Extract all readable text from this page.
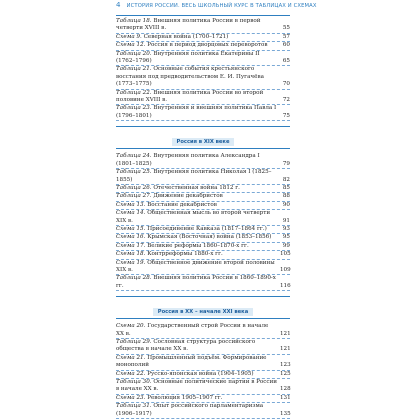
4 ИСТОРИЯ РОССИИ. ВЕСЬ ШКОЛЬНЫЙ КУРС В ТАБЛИЦАХ И СХЕМАХ
Таблица 18. Внешняя политика России в первой четверти XVIII в.	55
Схема 9. Северная война (1700–1721)	57
Схема 12. Россия в период дворцовых переворотов	60
Таблица 20. Внутренняя политика Екатерины II (1762–1796)	65
Таблица 21. Основные события крестьянского восстания под предводительством Е. И. Пугачёва (1773–1775)	70
Таблица 22. Внешняя политика России во второй половине XVIII в.	72
Таблица 23. Внутренняя и внешняя политика Павла I (1796–1801)	75
Россия в XIX веке
Таблица 24. Внутренняя политика Александра I (1801–1825)	79
Таблица 25. Внутренняя политика Николая I (1825–1855)	82
Таблица 26. Отечественная война 1812 г.	85
Таблица 27. Движение декабристов	88
Схема 13. Восстание декабристов	90
Схема 14. Общественная мысль во второй четверти XIX в.	91
Схема 15. Присоединение Кавказа (1817–1864 гг.)	93
Схема 16. Крымская (Восточная) война (1853–1856)	95
Схема 17. Великие реформы 1860–1870-х гг.	99
Схема 18. Контрреформы 1880-х гг.	105
Схема 19. Общественное движение второй половины XIX в.	109
Таблица 28. Внешняя политика России в 1860–1890-х гг.	116
Россия в XX – начале XXI века
Схема 20. Государственный строй России в начале XX в.	121
Таблица 29. Сословная структура российского общества в начале XX в.	121
Схема 21. Промышленный подъём. Формирование монополий	123
Схема 22. Русско-японская война (1904–1905)	125
Таблица 30. Основные политические партии в России в начале XX в.	128
Схема 23. Революция 1905–1907 гг.	131
Таблица 31. Опыт российского парламентаризма (1906–1917)	135
